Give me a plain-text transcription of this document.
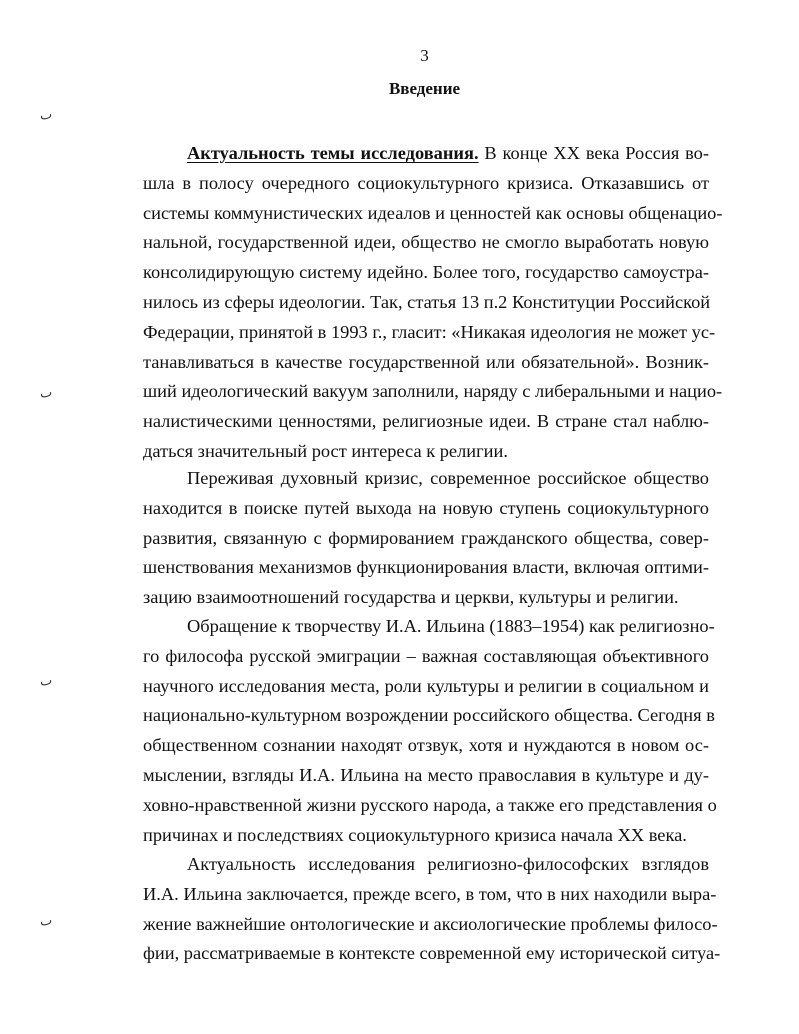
3
Введение
ٮ
ٮ
ٮ
ٮ
Актуальность темы исследования. В конце XX века Россия во-
шла в полосу очередного социокультурного кризиса. Отказавшись от
системы коммунистических идеалов и ценностей как основы общенацио-
нальной, государственной идеи, общество не смогло выработать новую
консолидирующую систему идейно. Более того, государство самоустра-
нилось из сферы идеологии. Так, статья 13 п.2 Конституции Российской
Федерации, принятой в 1993 г., гласит: «Никакая идеология не может ус-
танавливаться в качестве государственной или обязательной». Возник-
ший идеологический вакуум заполнили, наряду с либеральными и нацио-
налистическими ценностями, религиозные идеи. В стране стал наблю-
даться значительный рост интереса к религии.
Переживая духовный кризис, современное российское общество
находится в поиске путей выхода на новую ступень социокультурного
развития, связанную с формированием гражданского общества, совер-
шенствования механизмов функционирования власти, включая оптими-
зацию взаимоотношений государства и церкви, культуры и религии.
Обращение к творчеству И.А. Ильина (1883–1954) как религиозно-
го философа русской эмиграции – важная составляющая объективного
научного исследования места, роли культуры и религии в социальном и
национально-культурном возрождении российского общества. Сегодня в
общественном сознании находят отзвук, хотя и нуждаются в новом ос-
мыслении, взгляды И.А. Ильина на место православия в культуре и ду-
ховно-нравственной жизни русского народа, а также его представления о
причинах и последствиях социокультурного кризиса начала XX века.
Актуальность исследования религиозно-философских взглядов
И.А. Ильина заключается, прежде всего, в том, что в них находили выра-
жение важнейшие онтологические и аксиологические проблемы филосо-
фии, рассматриваемые в контексте современной ему исторической ситуа-
